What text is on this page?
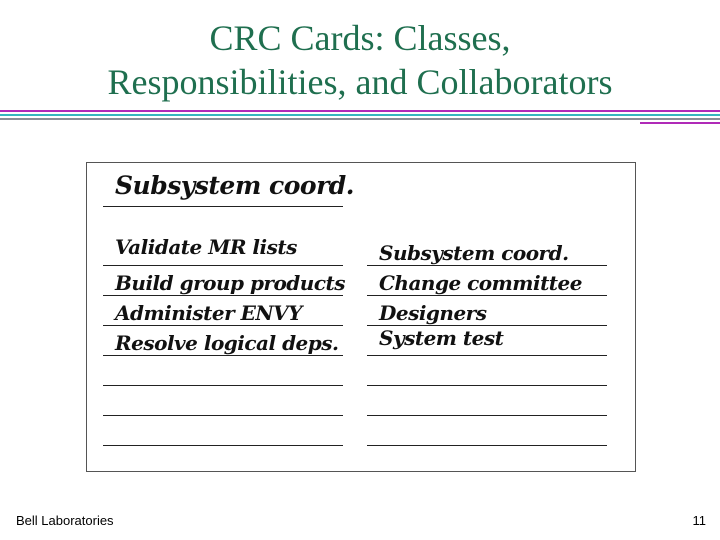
CRC Cards: Classes,
Responsibilities, and Collaborators
Subsystem coord.
Validate MR lists
Build group products
Administer ENVY
Resolve logical deps.
Subsystem coord.
Change committee
Designers
System test
Bell Laboratories	11
